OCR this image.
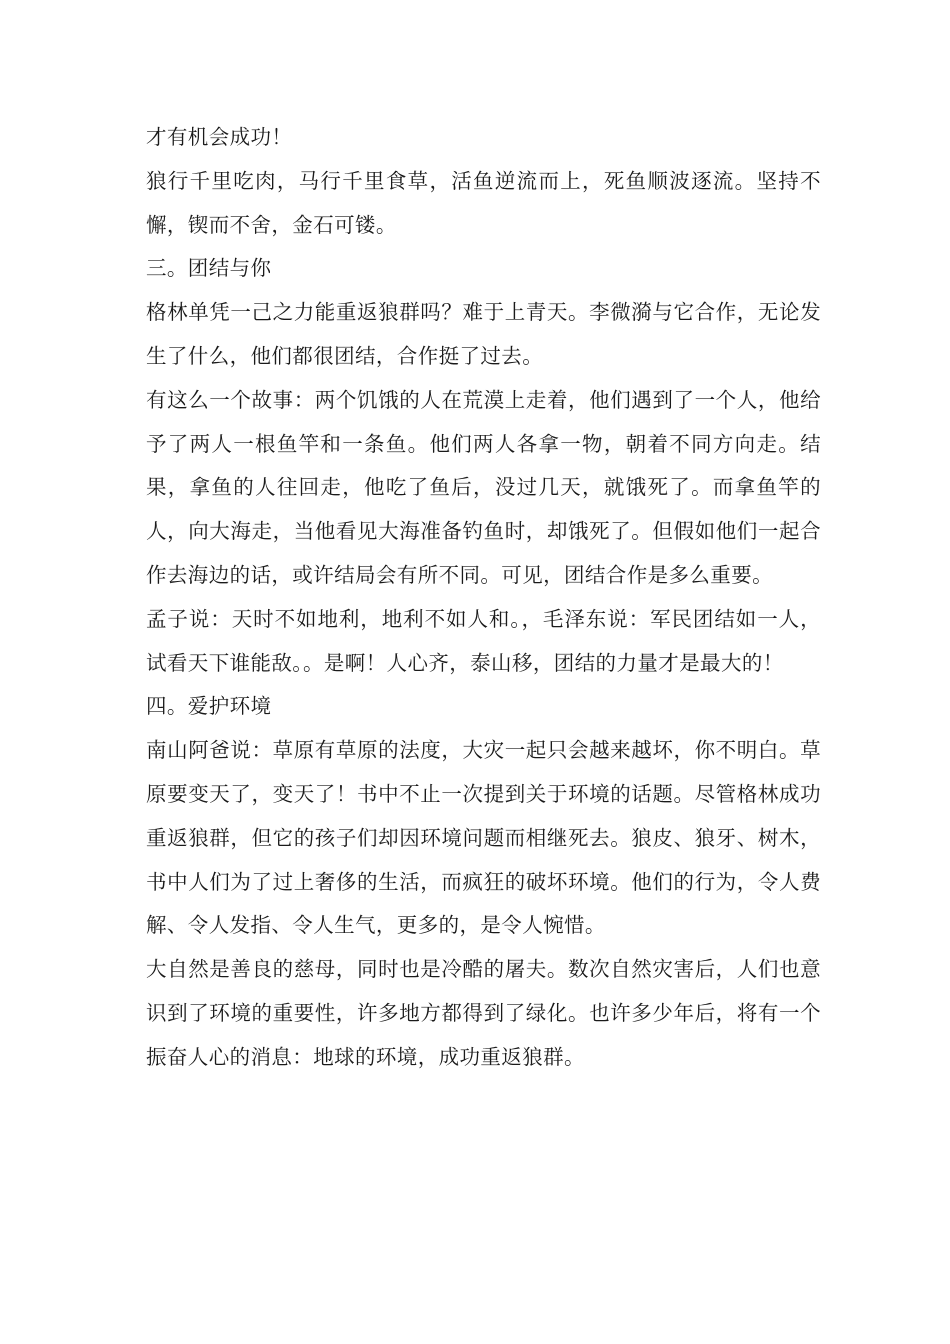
才有机会成功！

狼行千里吃肉，马行千里食草，活鱼逆流而上，死鱼顺波逐流。坚持不懈，锲而不舍，金石可镂。

三。团结与你

格林单凭一己之力能重返狼群吗？难于上青天。李微漪与它合作，无论发生了什么，他们都很团结，合作挺了过去。

有这么一个故事：两个饥饿的人在荒漠上走着，他们遇到了一个人，他给予了两人一根鱼竿和一条鱼。他们两人各拿一物，朝着不同方向走。结果，拿鱼的人往回走，他吃了鱼后，没过几天，就饿死了。而拿鱼竿的人，向大海走，当他看见大海准备钓鱼时，却饿死了。但假如他们一起合作去海边的话，或许结局会有所不同。可见，团结合作是多么重要。

孟子说：天时不如地利，地利不如人和。，毛泽东说：军民团结如一人，试看天下谁能敌。。是啊！人心齐，泰山移，团结的力量才是最大的！

四。爱护环境

南山阿爸说：草原有草原的法度，大灾一起只会越来越坏，你不明白。草原要变天了，变天了！书中不止一次提到关于环境的话题。尽管格林成功重返狼群，但它的孩子们却因环境问题而相继死去。狼皮、狼牙、树木，书中人们为了过上奢侈的生活，而疯狂的破坏环境。他们的行为，令人费解、令人发指、令人生气，更多的，是令人惋惜。

大自然是善良的慈母，同时也是冷酷的屠夫。数次自然灾害后，人们也意识到了环境的重要性，许多地方都得到了绿化。也许多少年后，将有一个振奋人心的消息：地球的环境，成功重返狼群。
